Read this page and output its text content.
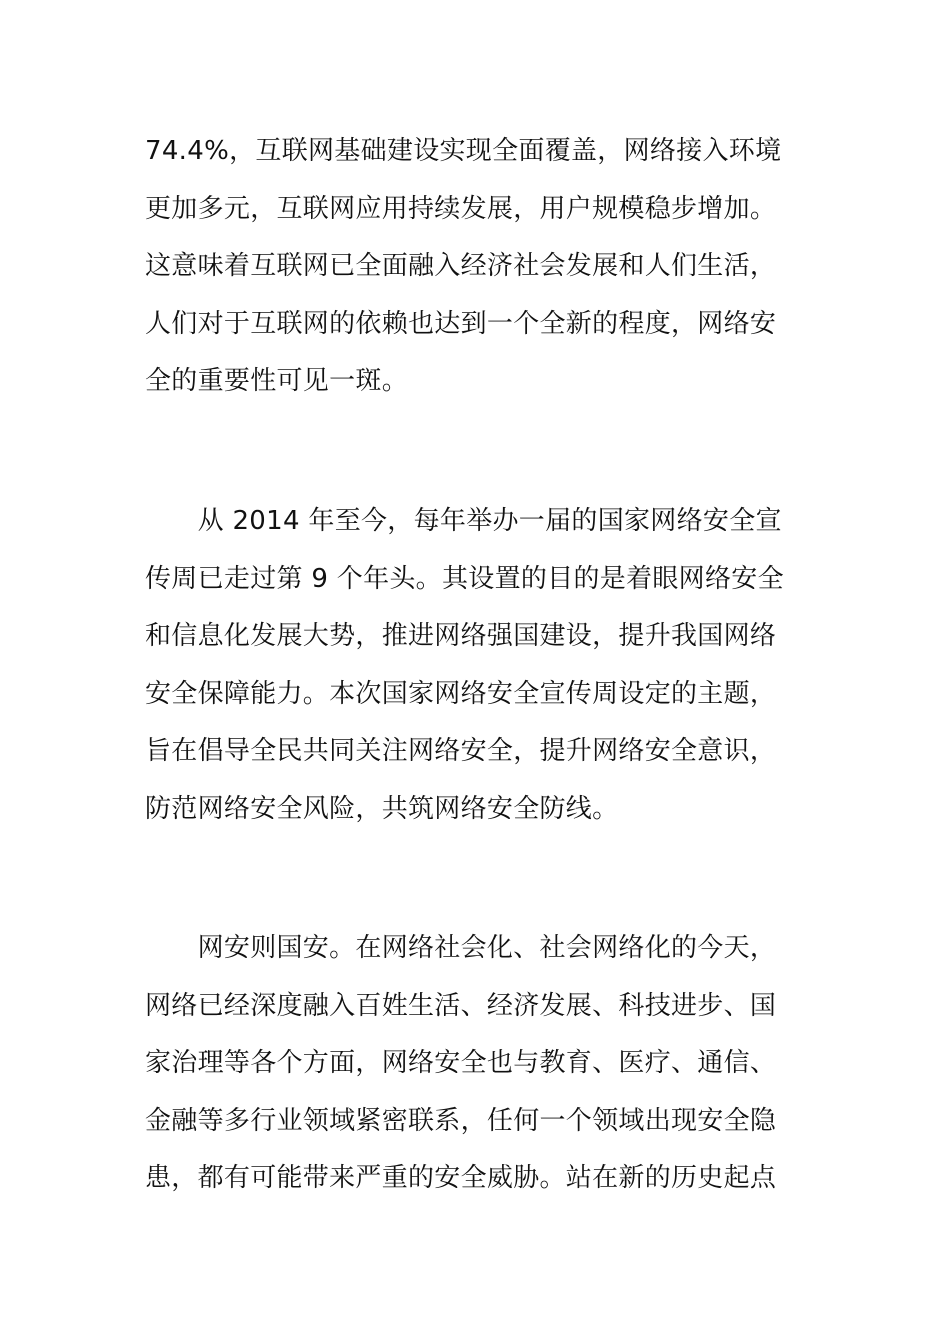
74.4%，互联网基础建设实现全面覆盖，网络接入环境
更加多元，互联网应用持续发展，用户规模稳步增加。
这意味着互联网已全面融入经济社会发展和人们生活，
人们对于互联网的依赖也达到一个全新的程度，网络安
全的重要性可见一斑。
　　从 2014 年至今，每年举办一届的国家网络安全宣
传周已走过第 9 个年头。其设置的目的是着眼网络安全
和信息化发展大势，推进网络强国建设，提升我国网络
安全保障能力。本次国家网络安全宣传周设定的主题，
旨在倡导全民共同关注网络安全，提升网络安全意识，
防范网络安全风险，共筑网络安全防线。
　　网安则国安。在网络社会化、社会网络化的今天，
网络已经深度融入百姓生活、经济发展、科技进步、国
家治理等各个方面，网络安全也与教育、医疗、通信、
金融等多行业领域紧密联系，任何一个领域出现安全隐
患，都有可能带来严重的安全威胁。站在新的历史起点
